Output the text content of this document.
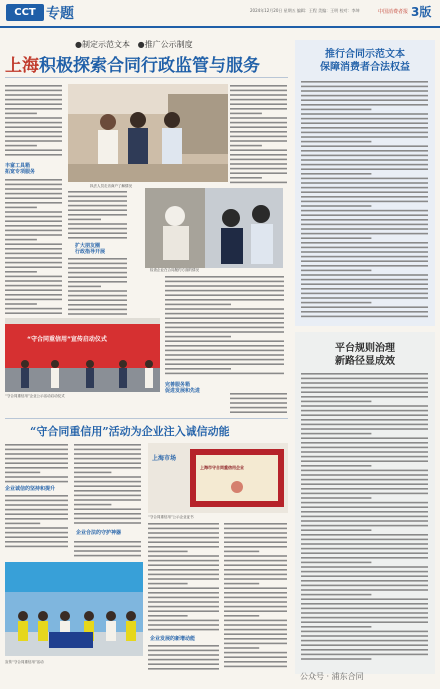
CCT 专题	2024年12月20日 星期五 编辑：王程 美编：王明 校对：李坤	中国消费者报 3版
●制定示范文本 ●推广公示制度
上海积极探索合同行政监管与服务
丰富工具箱
拓宽专项服务
执法人员走访商户了解情况
扩大朋友圈
行政指导开展
检查企业在合同履约方面的情况
“守合同重信用”宣传启动仪式
“守合同重信用”企业公示活动启动仪式
完善服务箱
促进发展和先进
推行合同示范文本
保障消费者合法权益
平台规则治理
新路径显成效
“守合同重信用”活动为企业注入诚信动能
企业诚信的坚持和提升
企业合法的守护神器
上海市场
上海市守合同重信用企业
“守合同重信用”公示企业证书
企业发展的新增动能
宣传“守合同重信用”活动
公众号 · 浦东合同
